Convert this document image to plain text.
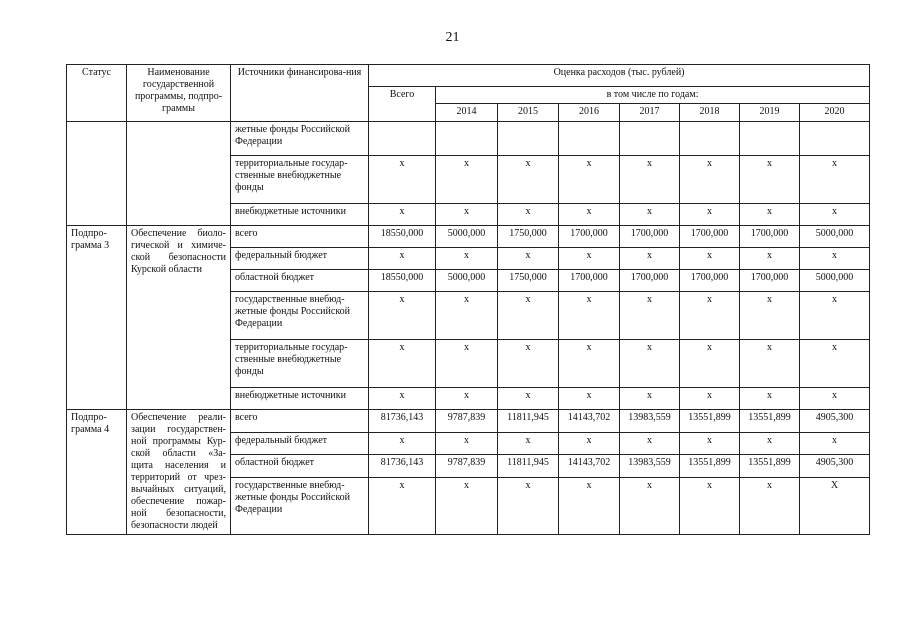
21
Статус	Наименование государственной программы, подпро-граммы	Источники финансирова-ния	Оценка расходов (тыс. рублей)							
			Всего	в том числе по годам:						
				2014	2015	2016	2017	2018	2019	2020
		жетные фонды Российской Федерации								
		территориальные государ-ственные внебюджетные фонды	x	x	x	x	x	x	x	x
		внебюджетные источники	x	x	x	x	x	x	x	x
Подпро-грамма 3	Обеспечение биоло-гической и химиче-ской безопасности Курской области	всего	18550,000	5000,000	1750,000	1700,000	1700,000	1700,000	1700,000	5000,000
		федеральный бюджет	x	x	x	x	x	x	x	x
		областной бюджет	18550,000	5000,000	1750,000	1700,000	1700,000	1700,000	1700,000	5000,000
		государственные внебюд-жетные фонды Российской Федерации	x	x	x	x	x	x	x	x
		территориальные государ-ственные внебюджетные фонды	x	x	x	x	x	x	x	x
		внебюджетные источники	x	x	x	x	x	x	x	x
Подпро-грамма 4	Обеспечение реали-зации государствен-ной программы Кур-ской области «За-щита населения и территорий от чрез-вычайных ситуаций, обеспечение пожар-ной безопасности, безопасности людей	всего	81736,143	9787,839	11811,945	14143,702	13983,559	13551,899	13551,899	4905,300
		федеральный бюджет	x	x	x	x	x	x	x	x
		областной бюджет	81736,143	9787,839	11811,945	14143,702	13983,559	13551,899	13551,899	4905,300
		государственные внебюд-жетные фонды Российской Федерации	x	x	x	x	x	x	x	X
